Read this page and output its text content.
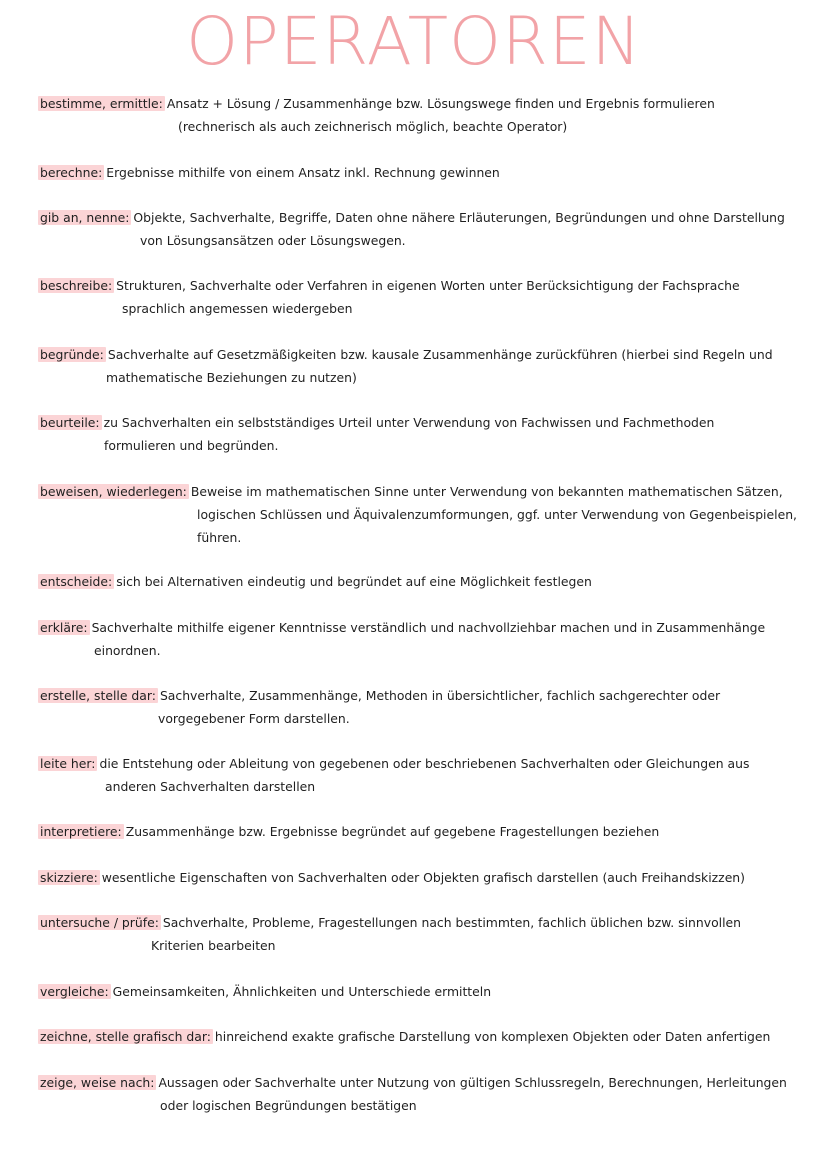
OPERATOREN
bestimme, ermittle: Ansatz + Lösung / Zusammenhänge bzw. Lösungswege finden und Ergebnis formulieren
(rechnerisch als auch zeichnerisch möglich, beachte Operator)
berechne: Ergebnisse mithilfe von einem Ansatz inkl. Rechnung gewinnen
gib an, nenne: Objekte, Sachverhalte, Begriffe, Daten ohne nähere Erläuterungen, Begründungen und ohne Darstellung
von Lösungsansätzen oder Lösungswegen.
beschreibe: Strukturen, Sachverhalte oder Verfahren in eigenen Worten unter Berücksichtigung der Fachsprache
sprachlich angemessen wiedergeben
begründe: Sachverhalte auf Gesetzmäßigkeiten bzw. kausale Zusammenhänge zurückführen (hierbei sind Regeln und
mathematische Beziehungen zu nutzen)
beurteile: zu Sachverhalten ein selbstständiges Urteil unter Verwendung von Fachwissen und Fachmethoden
formulieren und begründen.
beweisen, wiederlegen: Beweise im mathematischen Sinne unter Verwendung von bekannten mathematischen Sätzen,
logischen Schlüssen und Äquivalenzumformungen, ggf. unter Verwendung von Gegenbeispielen,
führen.
entscheide: sich bei Alternativen eindeutig und begründet auf eine Möglichkeit festlegen
erkläre: Sachverhalte mithilfe eigener Kenntnisse verständlich und nachvollziehbar machen und in Zusammenhänge
einordnen.
erstelle, stelle dar: Sachverhalte, Zusammenhänge, Methoden in übersichtlicher, fachlich sachgerechter oder
vorgegebener Form darstellen.
leite her: die Entstehung oder Ableitung von gegebenen oder beschriebenen Sachverhalten oder Gleichungen aus
anderen Sachverhalten darstellen
interpretiere: Zusammenhänge bzw. Ergebnisse begründet auf gegebene Fragestellungen beziehen
skizziere: wesentliche Eigenschaften von Sachverhalten oder Objekten grafisch darstellen (auch Freihandskizzen)
untersuche / prüfe: Sachverhalte, Probleme, Fragestellungen nach bestimmten, fachlich üblichen bzw. sinnvollen
Kriterien bearbeiten
vergleiche: Gemeinsamkeiten, Ähnlichkeiten und Unterschiede ermitteln
zeichne, stelle grafisch dar: hinreichend exakte grafische Darstellung von komplexen Objekten oder Daten anfertigen
zeige, weise nach: Aussagen oder Sachverhalte unter Nutzung von gültigen Schlussregeln, Berechnungen, Herleitungen
oder logischen Begründungen bestätigen
